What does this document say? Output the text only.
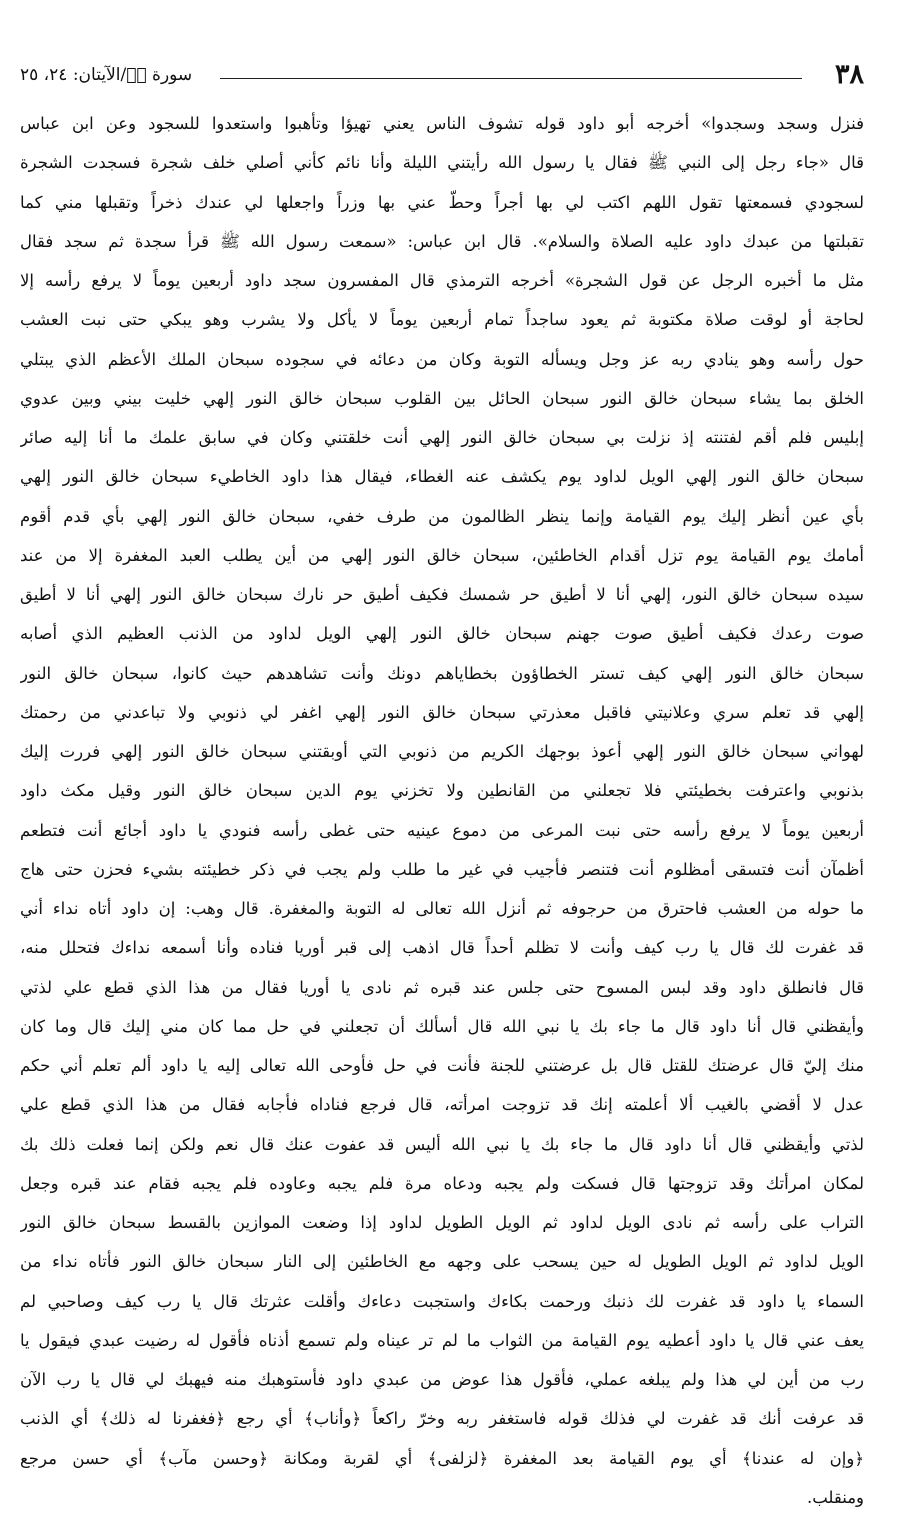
٣٨
سورة صۤ/الآيتان: ٢٤، ٢٥
فنزل وسجد وسجدوا» أخرجه أبو داود قوله تشوف الناس يعني تهيؤا وتأهبوا واستعدوا للسجود وعن ابن عباس
قال «جاء رجل إلى النبي ﷺ فقال يا رسول الله رأيتني الليلة وأنا نائم كأني أصلي خلف شجرة فسجدت الشجرة
لسجودي فسمعتها تقول اللهم اكتب لي بها أجراً وحطّ عني بها وزراً واجعلها لي عندك ذخراً وتقبلها مني كما
تقبلتها من عبدك داود عليه الصلاة والسلام». قال ابن عباس: «سمعت رسول الله ﷺ قرأ سجدة ثم سجد فقال
مثل ما أخبره الرجل عن قول الشجرة» أخرجه الترمذي قال المفسرون سجد داود أربعين يوماً لا يرفع رأسه إلا
لحاجة أو لوقت صلاة مكتوبة ثم يعود ساجداً تمام أربعين يوماً لا يأكل ولا يشرب وهو يبكي حتى نبت العشب
حول رأسه وهو ينادي ربه عز وجل ويسأله التوبة وكان من دعائه في سجوده سبحان الملك الأعظم الذي يبتلي
الخلق بما يشاء سبحان خالق النور سبحان الحائل بين القلوب سبحان خالق النور إلهي خليت بيني وبين عدوي
إبليس فلم أقم لفتنته إذ نزلت بي سبحان خالق النور إلهي أنت خلقتني وكان في سابق علمك ما أنا إليه صائر
سبحان خالق النور إلهي الويل لداود يوم يكشف عنه الغطاء، فيقال هذا داود الخاطيء سبحان خالق النور إلهي
بأي عين أنظر إليك يوم القيامة وإنما ينظر الظالمون من طرف خفي، سبحان خالق النور إلهي بأي قدم أقوم
أمامك يوم القيامة يوم تزل أقدام الخاطئين، سبحان خالق النور إلهي من أين يطلب العبد المغفرة إلا من عند
سيده سبحان خالق النور، إلهي أنا لا أطيق حر شمسك فكيف أطيق حر نارك سبحان خالق النور إلهي أنا لا أطيق
صوت رعدك فكيف أطيق صوت جهنم سبحان خالق النور إلهي الويل لداود من الذنب العظيم الذي أصابه
سبحان خالق النور إلهي كيف تستر الخطاؤون بخطاياهم دونك وأنت تشاهدهم حيث كانوا، سبحان خالق النور
إلهي قد تعلم سري وعلانيتي فاقبل معذرتي سبحان خالق النور إلهي اغفر لي ذنوبي ولا تباعدني من رحمتك
لهواني سبحان خالق النور إلهي أعوذ بوجهك الكريم من ذنوبي التي أوبقتني سبحان خالق النور إلهي فررت إليك
بذنوبي واعترفت بخطيئتي فلا تجعلني من القانطين ولا تخزني يوم الدين سبحان خالق النور وقيل مكث داود
أربعين يوماً لا يرفع رأسه حتى نبت المرعى من دموع عينيه حتى غطى رأسه فنودي يا داود أجائع أنت فتطعم
أظمآن أنت فتسقى أمظلوم أنت فتنصر فأجيب في غير ما طلب ولم يجب في ذكر خطيئته بشيء فحزن حتى هاج
ما حوله من العشب فاحترق من حرجوفه ثم أنزل الله تعالى له التوبة والمغفرة. قال وهب: إن داود أتاه نداء أني
قد غفرت لك قال يا رب كيف وأنت لا تظلم أحداً قال اذهب إلى قبر أوريا فناده وأنا أسمعه نداءك فتحلل منه،
قال فانطلق داود وقد لبس المسوح حتى جلس عند قبره ثم نادى يا أوريا فقال من هذا الذي قطع علي لذتي
وأيقظني قال أنا داود قال ما جاء بك يا نبي الله قال أسألك أن تجعلني في حل مما كان مني إليك قال وما كان
منك إليّ قال عرضتك للقتل قال بل عرضتني للجنة فأنت في حل فأوحى الله تعالى إليه يا داود ألم تعلم أني حكم
عدل لا أقضي بالغيب ألا أعلمته إنك قد تزوجت امرأته، قال فرجع فناداه فأجابه فقال من هذا الذي قطع علي
لذتي وأيقظني قال أنا داود قال ما جاء بك يا نبي الله أليس قد عفوت عنك قال نعم ولكن إنما فعلت ذلك بك
لمكان امرأتك وقد تزوجتها قال فسكت ولم يجبه ودعاه مرة فلم يجبه وعاوده فلم يجبه فقام عند قبره وجعل
التراب على رأسه ثم نادى الويل لداود ثم الويل الطويل لداود إذا وضعت الموازين بالقسط سبحان خالق النور
الويل لداود ثم الويل الطويل له حين يسحب على وجهه مع الخاطئين إلى النار سبحان خالق النور فأتاه نداء من
السماء يا داود قد غفرت لك ذنبك ورحمت بكاءك واستجبت دعاءك وأقلت عثرتك قال يا رب كيف وصاحبي لم
يعف عني قال يا داود أعطيه يوم القيامة من الثواب ما لم تر عيناه ولم تسمع أذناه فأقول له رضيت عبدي فيقول يا
رب من أين لي هذا ولم يبلغه عملي، فأقول هذا عوض من عبدي داود فأستوهبك منه فيهبك لي قال يا رب الآن
قد عرفت أنك قد غفرت لي فذلك قوله فاستغفر ربه وخرّ راكعاً ﴿وأناب﴾ أي رجع ﴿فغفرنا له ذلك﴾ أي الذنب
﴿وإن له عندنا﴾ أي يوم القيامة بعد المغفرة ﴿لزلفى﴾ أي لقربة ومكانة ﴿وحسن مآب﴾ أي حسن مرجع
ومنقلب.
